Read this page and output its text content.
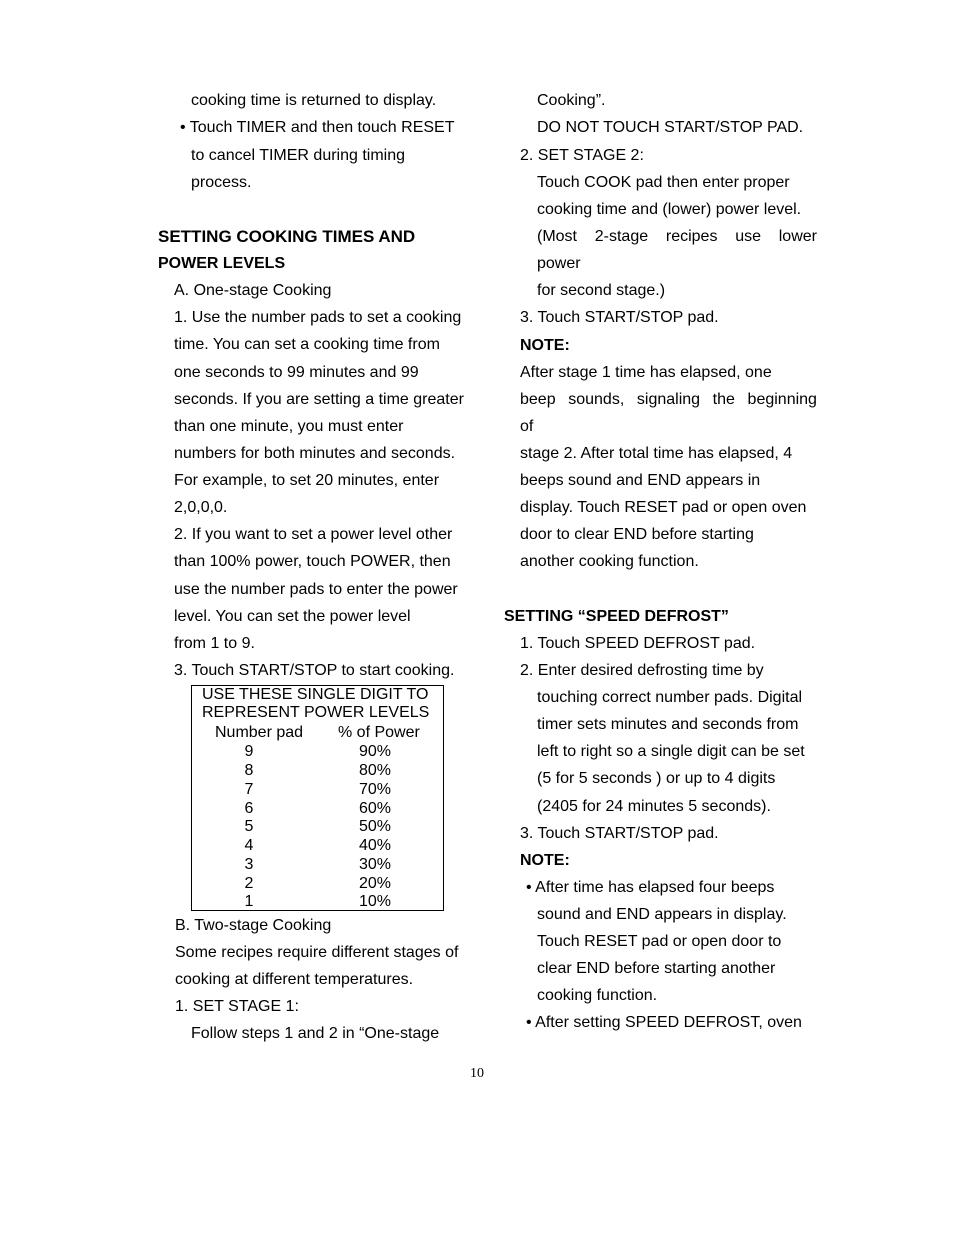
cooking time is returned to display.
• Touch TIMER and then touch RESET
to cancel TIMER during timing
process.
SETTING COOKING TIMES AND
POWER LEVELS
A. One-stage Cooking
1. Use the number pads to set a cooking
time. You can set a cooking time from
one seconds to 99 minutes and 99
seconds. If you are setting a time greater
than one minute, you must enter
numbers for both minutes and seconds.
For example, to set 20 minutes, enter
2,0,0,0.
2. If you want to set a power level other
than 100% power, touch POWER, then
use the number pads to enter the power
level. You can set the power level
from 1 to 9.
3. Touch START/STOP to start cooking.
USE THESE SINGLE DIGIT TO
REPRESENT POWER LEVELS
Number pad % of Power
9	90%
8	80%
7	70%
6	60%
5	50%
4	40%
3	30%
2	20%
1	10%
B. Two-stage Cooking
Some recipes require different stages of
cooking at different temperatures.
1. SET STAGE 1:
Follow steps 1 and 2 in “One-stage
Cooking”.
DO NOT TOUCH START/STOP PAD.
2. SET STAGE 2:
Touch COOK pad then enter proper
cooking time and (lower) power level.
(Most 2-stage recipes use lower
power
for second stage.)
3. Touch START/STOP pad.
NOTE:
After stage 1 time has elapsed, one
beep sounds, signaling the beginning
of
stage 2. After total time has elapsed, 4
beeps sound and END appears in
display. Touch RESET pad or open oven
door to clear END before starting
another cooking function.
SETTING “SPEED DEFROST”
1. Touch SPEED DEFROST pad.
2. Enter desired defrosting time by
touching correct number pads. Digital
timer sets minutes and seconds from
left to right so a single digit can be set
(5 for 5 seconds ) or up to 4 digits
(2405 for 24 minutes 5 seconds).
3. Touch START/STOP pad.
NOTE:
• After time has elapsed four beeps
sound and END appears in display.
Touch RESET pad or open door to
clear END before starting another
cooking function.
• After setting SPEED DEFROST, oven
10
